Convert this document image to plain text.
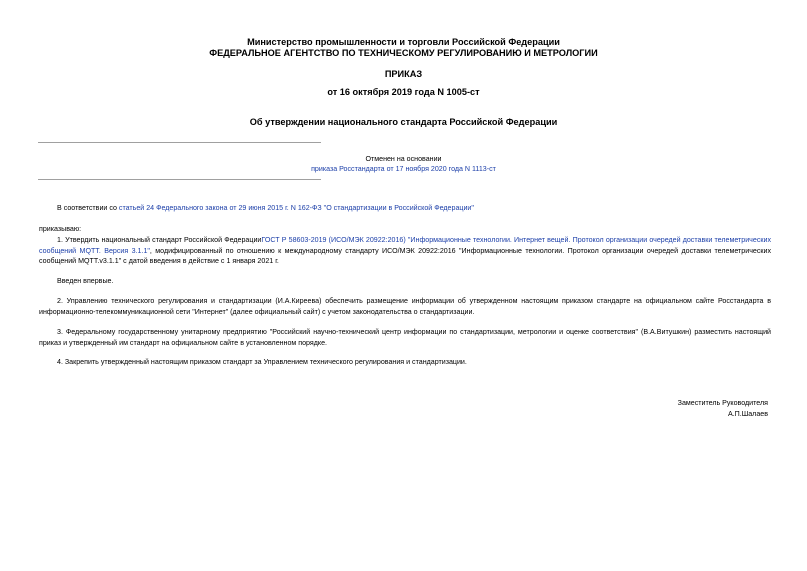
Министерство промышленности и торговли Российской Федерации
ФЕДЕРАЛЬНОЕ АГЕНТСТВО ПО ТЕХНИЧЕСКОМУ РЕГУЛИРОВАНИЮ И МЕТРОЛОГИИ
ПРИКАЗ
от 16 октября 2019 года N 1005-ст
Об утверждении национального стандарта Российской Федерации
Отменен на основании
приказа Росстандарта от 17 ноября 2020 года N 1113-ст
В соответствии со статьей 24 Федерального закона от 29 июня 2015 г. N 162-ФЗ "О стандартизации в Российской Федерации"
приказываю:
1. Утвердить национальный стандарт Российской ФедерацииГОСТ Р 58603-2019 (ИСО/МЭК 20922:2016) "Информационные технологии. Интернет вещей. Протокол организации очередей доставки телеметрических сообщений MQTT. Версия 3.1.1", модифицированный по отношению к международному стандарту ИСО/МЭК 20922:2016 "Информационные технологии. Протокол организации очередей доставки телеметрических сообщений MQTT.v3.1.1" с датой введения в действие с 1 января 2021 г.
Введен впервые.
2. Управлению технического регулирования и стандартизации (И.А.Киреева) обеспечить размещение информации об утвержденном настоящим приказом стандарте на официальном сайте Росстандарта в информационно-телекоммуникационной сети "Интернет" (далее официальный сайт) с учетом законодательства о стандартизации.
3. Федеральному государственному унитарному предприятию "Российский научно-технический центр информации по стандартизации, метрологии и оценке соответствия" (В.А.Витушкин) разместить настоящий приказ и утвержденный им стандарт на официальном сайте в установленном порядке.
4. Закрепить утвержденный настоящим приказом стандарт за Управлением технического регулирования и стандартизации.
Заместитель Руководителя
А.П.Шалаев
